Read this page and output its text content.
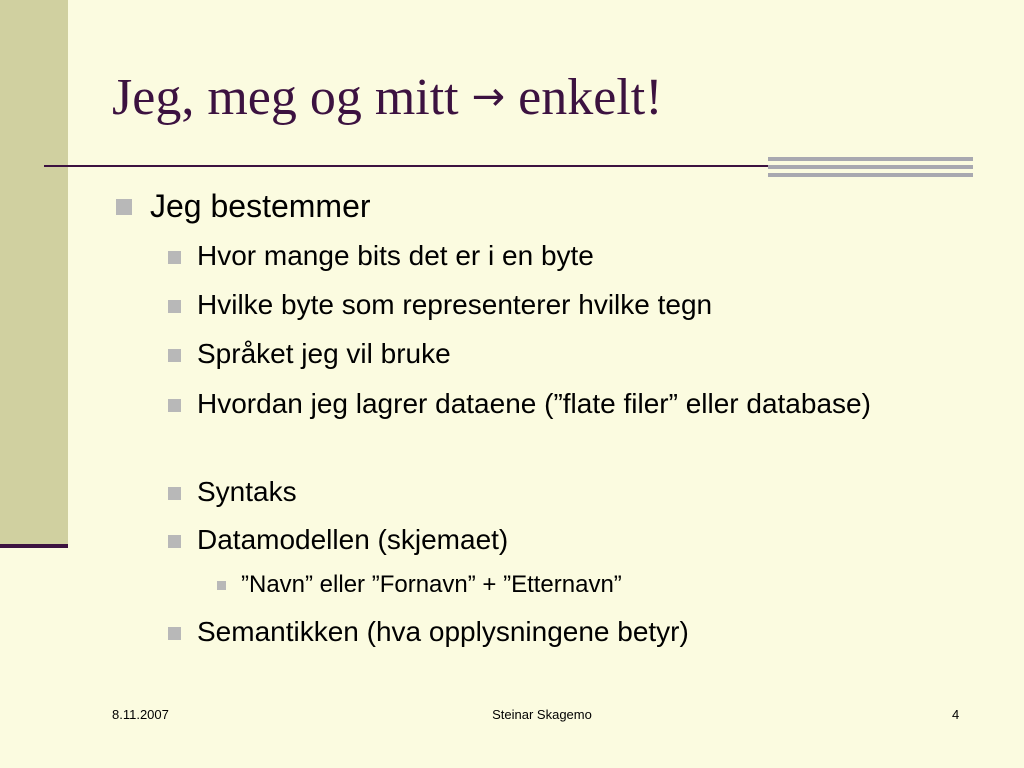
Jeg, meg og mitt → enkelt!
Jeg bestemmer
Hvor mange bits det er i en byte
Hvilke byte som representerer hvilke tegn
Språket jeg vil bruke
Hvordan jeg lagrer dataene (”flate filer” eller database)
Syntaks
Datamodellen (skjemaet)
”Navn” eller ”Fornavn” + ”Etternavn”
Semantikken (hva opplysningene betyr)
8.11.2007	Steinar Skagemo	4
